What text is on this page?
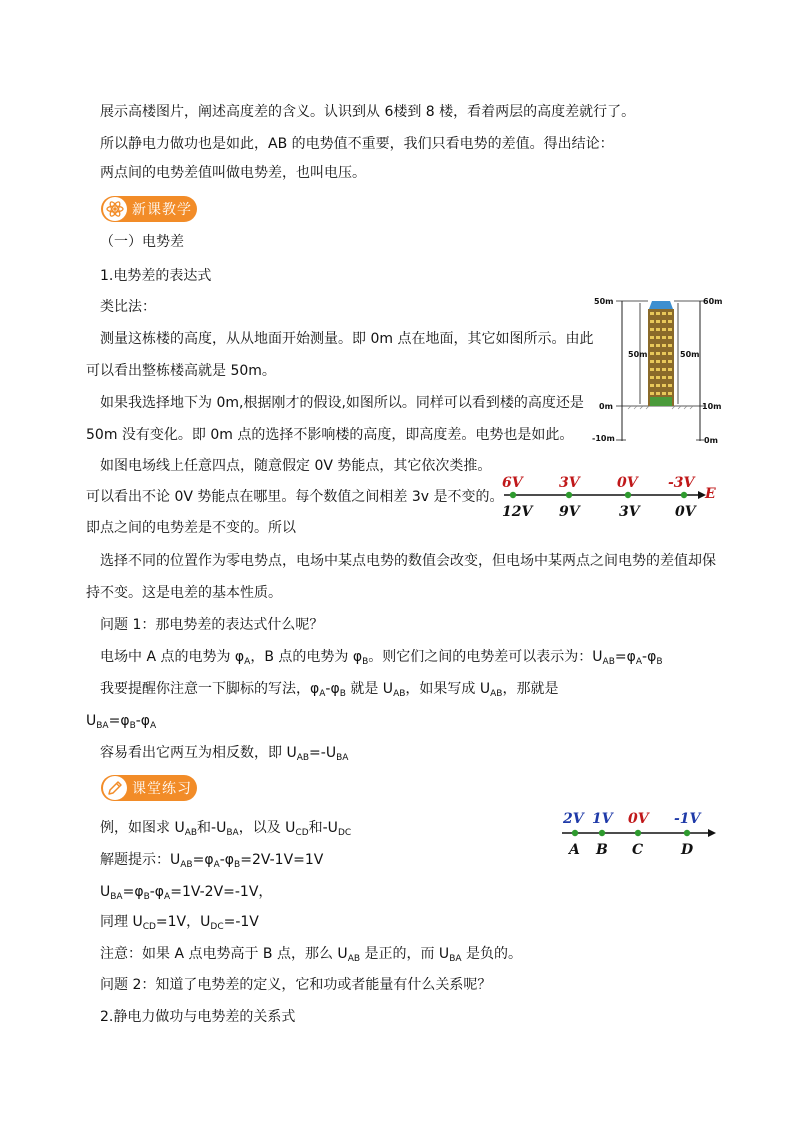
展示高楼图片，阐述高度差的含义。认识到从 6楼到 8 楼，看着两层的高度差就行了。
所以静电力做功也是如此，AB 的电势值不重要，我们只看电势的差值。得出结论：
两点间的电势差值叫做电势差，也叫电压。
新课教学
（一）电势差
1.电势差的表达式
类比法：
测量这栋楼的高度，从从地面开始测量。即 0m 点在地面，其它如图所示。由此
可以看出整栋楼高就是 50m。
如果我选择地下为 0m,根据刚才的假设,如图所以。同样可以看到楼的高度还是
50m 没有变化。即 0m 点的选择不影响楼的高度，即高度差。电势也是如此。
如图电场线上任意四点，随意假定 0V 势能点，其它依次类推。
可以看出不论 0V 势能点在哪里。每个数值之间相差 3v 是不变的。
即点之间的电势差是不变的。所以
选择不同的位置作为零电势点，电场中某点电势的数值会改变，但电场中某两点之间电势的差值却保
持不变。这是电差的基本性质。
问题 1：那电势差的表达式什么呢？
电场中 A 点的电势为 $\varphi_A$，B 点的电势为 $\varphi_B$。则它们之间的电势差可以表示为：$U_{AB}=\varphi_A-\varphi_B$
我要提醒你注意一下脚标的写法，$\varphi_A-\varphi_B$ 就是 $U_{AB}$，如果写成 $U_{AB}$，那就是
$U_{BA}=\varphi_B-\varphi_A$
容易看出它两互为相反数，即 $U_{AB}=-U_{BA}$
课堂练习
例，如图求 $U_{AB}$和$-U_{BA}$，以及 $U_{CD}$和$-U_{DC}$
解题提示：$U_{AB}=\varphi_A-\varphi_B=2V-1V=1V$
$U_{BA}=\varphi_B-\varphi_A=1V-2V=-1V$，
同理 $U_{CD}=1V$，$U_{DC}=-1V$
注意：如果 A 点电势高于 B 点，那么 $U_{AB}$ 是正的，而 $U_{BA}$ 是负的。
问题 2：知道了电势差的定义，它和功或者能量有什么关系呢？
2.静电力做功与电势差的关系式
50m
50m
0m
-10m
60m
50m
10m
0m
6V	3V	0V -3V
E
12V 9V	3V	0V
2V 1V 0V -1V
A B C	D
